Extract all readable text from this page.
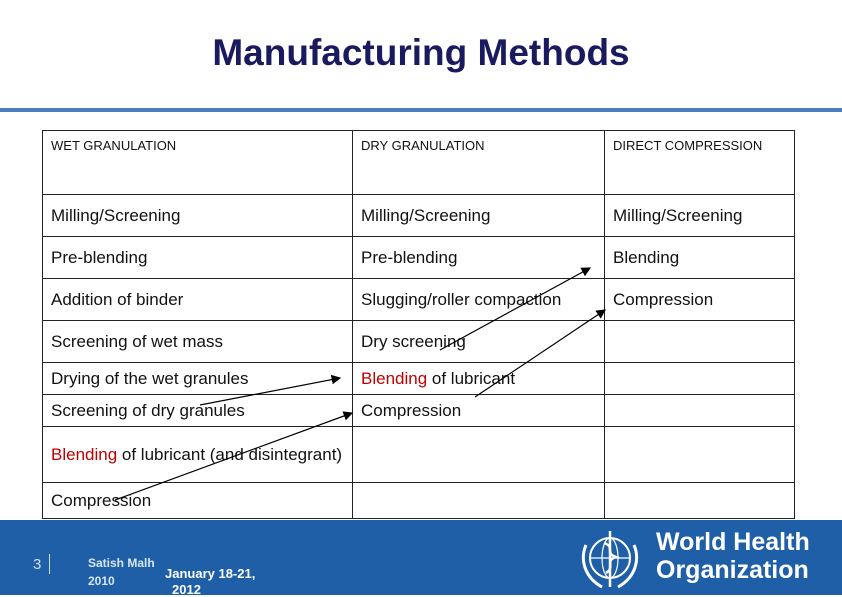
Manufacturing Methods
WET GRANULATION	DRY GRANULATION	DIRECT COMPRESSION
Milling/Screening	Milling/Screening	Milling/Screening
Pre-blending	Pre-blending	Blending
Addition of binder	Slugging/roller compaction	Compression
Screening of wet mass	Dry screening	
Drying of the wet granules	Blending of lubricant	
Screening of dry granules	Compression	
Blending of lubricant (and disintegrant)		
Compression		
3	Satish Malh
2010	January 18-21,
2012
World Health
Organization
